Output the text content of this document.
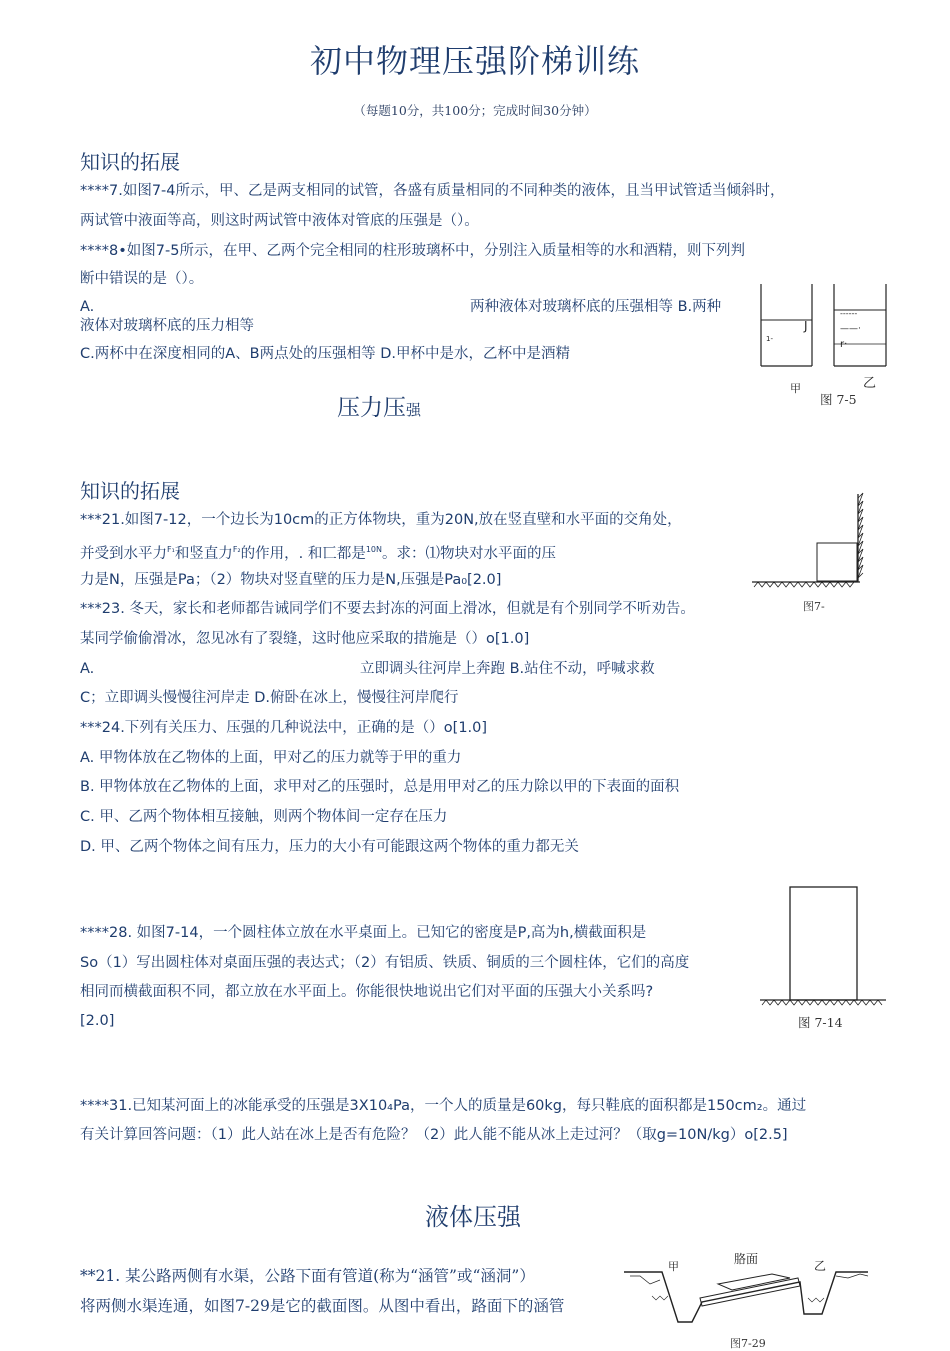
初中物理压强阶梯训练
（每题10分，共100分；完成时间30分钟）
知识的拓展
****7.如图7-4所示，甲、乙是两支相同的试管，各盛有质量相同的不同种类的液体，且当甲试管适当倾斜时，
两试管中液面等高，则这时两试管中液体对管底的压强是（）。
****8•如图7-5所示，在甲、乙两个完全相同的柱形玻璃杯中，分别注入质量相等的水和酒精，则下列判
断中错误的是（）。
A.	两种液体对玻璃杯底的压强相等 B.两种
液体对玻璃杯底的压力相等
C.两杯中在深度相同的A、B两点处的压强相等 D.甲杯中是水，乙杯中是酒精
J
1-
------
——·
r·
甲	乙
图 7-5
压力压强
知识的拓展
***21.如图7-12，一个边长为10cm的正方体物块，重为20N,放在竖直壁和水平面的交角处，
并受到水平力$^{F_1}$和竖直力$^{F_2}$的作用，. 和匸都是$^{10N}$。求：⑴物块对水平面的压
力是N，压强是Pa；（2）物块对竖直壁的压力是N,压强是Pa₀[2.0]
图7-
***23. 冬天，家长和老师都告诫同学们不要去封冻的河面上滑冰，但就是有个别同学不听劝告。
某同学偷偷滑冰，忽见冰有了裂缝，这时他应采取的措施是（）o[1.0]
A.	立即调头往河岸上奔跑 B.站住不动，呼喊求救
C；立即调头慢慢往河岸走 D.俯卧在冰上，慢慢往河岸爬行
***24.下列有关压力、压强的几种说法中，正确的是（）o[1.0]
A. 甲物体放在乙物体的上面，甲对乙的压力就等于甲的重力
B. 甲物体放在乙物体的上面，求甲对乙的压强时，总是用甲对乙的压力除以甲的下表面的面积
C. 甲、乙两个物体相互接触，则两个物体间一定存在压力
D. 甲、乙两个物体之间有压力，压力的大小有可能跟这两个物体的重力都无关
****28. 如图7-14，一个圆柱体立放在水平桌面上。已知它的密度是P,高为h,横截面积是
So（1）写出圆柱体对桌面压强的表达式；（2）有铝质、铁质、铜质的三个圆柱体，它们的高度
相同而横截面积不同，都立放在水平面上。你能很快地说出它们对平面的压强大小关系吗?
[2.0]	图 7-14
****31.已知某河面上的冰能承受的压强是3X10₄Pa，一个人的质量是60kg，每只鞋底的面积都是150cm₂。通过
有关计算回答问题：（1）此人站在冰上是否有危险？（2）此人能不能从冰上走过河？（取g=10N/kg）o[2.5]
液体压强
**21. 某公路两侧有水渠，公路下面有管道(称为“涵管”或“涵洞”）
将两侧水渠连通，如图7-29是它的截面图。从图中看出，路面下的涵管
胳面
甲	乙
图7-29
